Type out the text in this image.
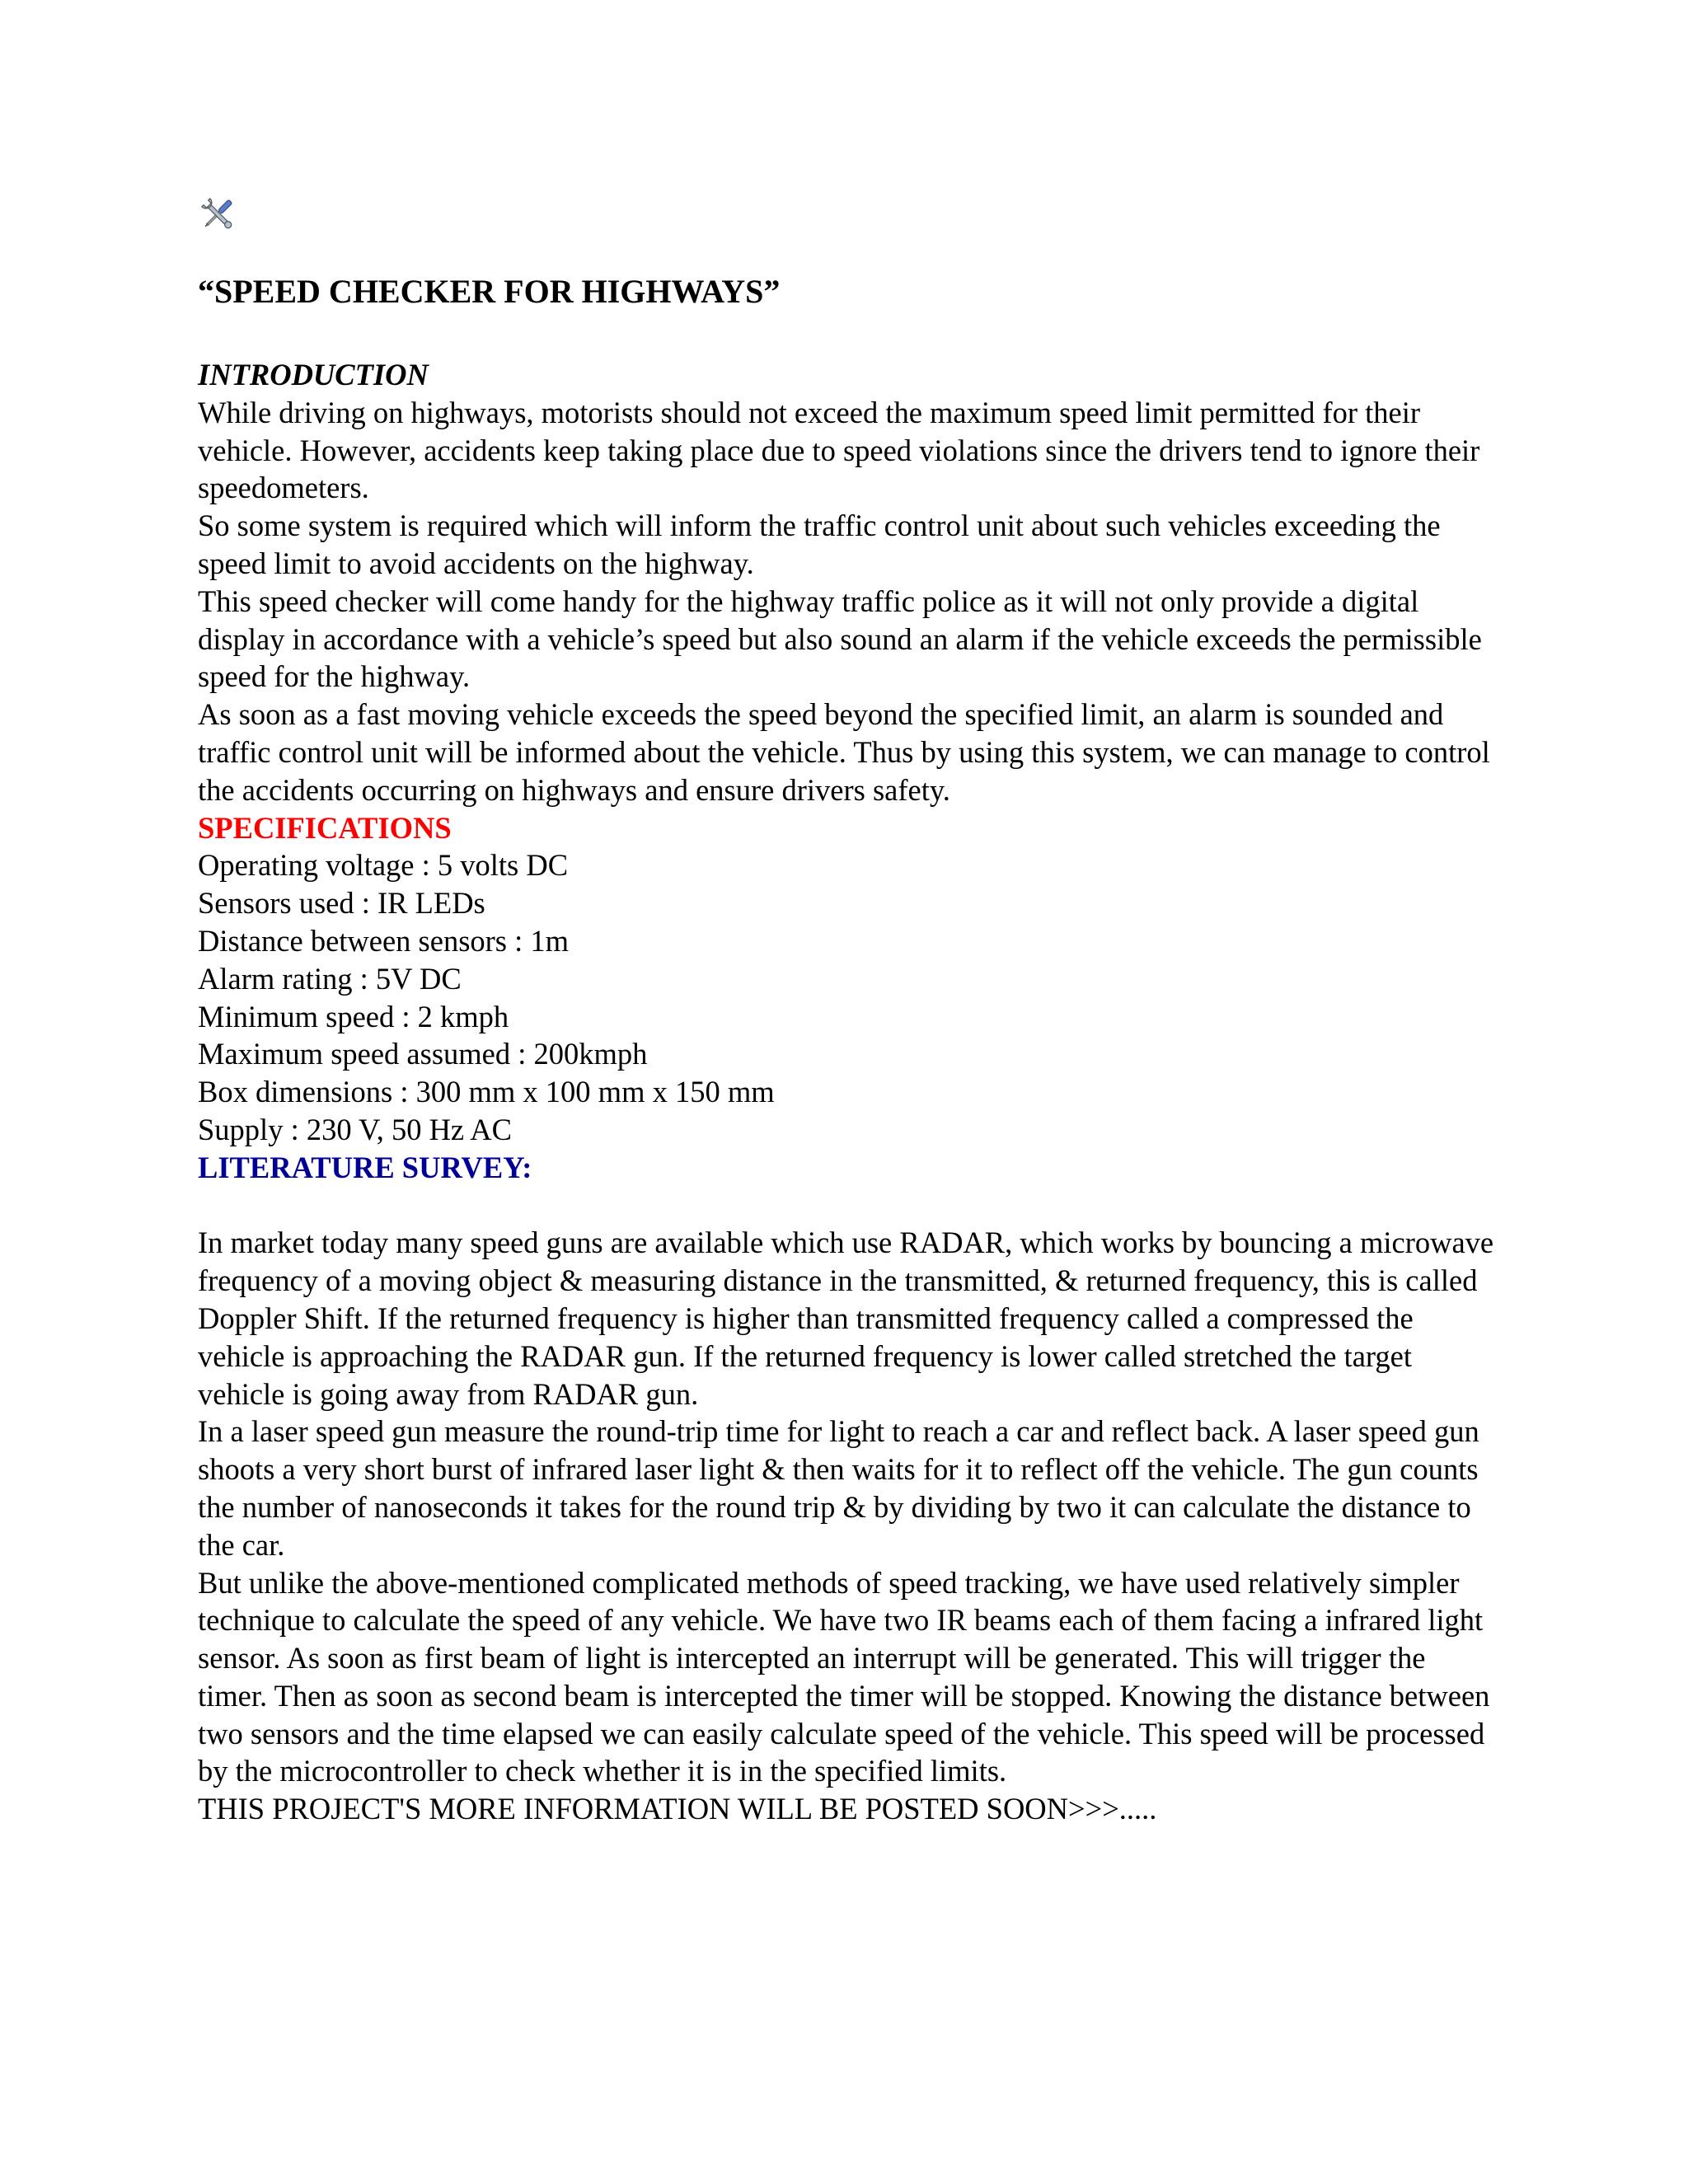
“SPEED CHECKER FOR HIGHWAYS”

INTRODUCTION

While driving on highways, motorists should not exceed the maximum speed limit permitted for their vehicle. However, accidents keep taking place due to speed violations since the drivers tend to ignore their speedometers.

So some system is required which will inform the traffic control unit about such vehicles exceeding the speed limit to avoid accidents on the highway.

This speed checker will come handy for the highway traffic police as it will not only provide a digital display in accordance with a vehicle’s speed but also sound an alarm if the vehicle exceeds the permissible speed for the highway.

As soon as a fast moving vehicle exceeds the speed beyond the specified limit, an alarm is sounded and traffic control unit will be informed about the vehicle. Thus by using this system, we can manage to control the accidents occurring on highways and ensure drivers safety.

SPECIFICATIONS

Operating voltage : 5 volts DC

Sensors used : IR LEDs

Distance between sensors : 1m

Alarm rating : 5V DC

Minimum speed : 2 kmph

Maximum speed assumed : 200kmph

Box dimensions : 300 mm x 100 mm x 150 mm

Supply : 230 V, 50 Hz AC

LITERATURE SURVEY:

In market today many speed guns are available which use RADAR, which works by bouncing a microwave frequency of a moving object & measuring distance in the transmitted, & returned frequency, this is called Doppler Shift. If the returned frequency is higher than transmitted frequency called a compressed the vehicle is approaching the RADAR gun. If the returned frequency is lower called stretched the target vehicle is going away from RADAR gun.

In a laser speed gun measure the round-trip time for light to reach a car and reflect back. A laser speed gun shoots a very short burst of infrared laser light & then waits for it to reflect off the vehicle. The gun counts the number of nanoseconds it takes for the round trip & by dividing by two it can calculate the distance to the car.

But unlike the above-mentioned complicated methods of speed tracking, we have used relatively simpler technique to calculate the speed of any vehicle. We have two IR beams each of them facing a infrared light sensor. As soon as first beam of light is intercepted an interrupt will be generated. This will trigger the timer. Then as soon as second beam is intercepted the timer will be stopped. Knowing the distance between two sensors and the time elapsed we can easily calculate speed of the vehicle. This speed will be processed by the microcontroller to check whether it is in the specified limits.

THIS PROJECT'S MORE INFORMATION WILL BE POSTED SOON>>>.....
